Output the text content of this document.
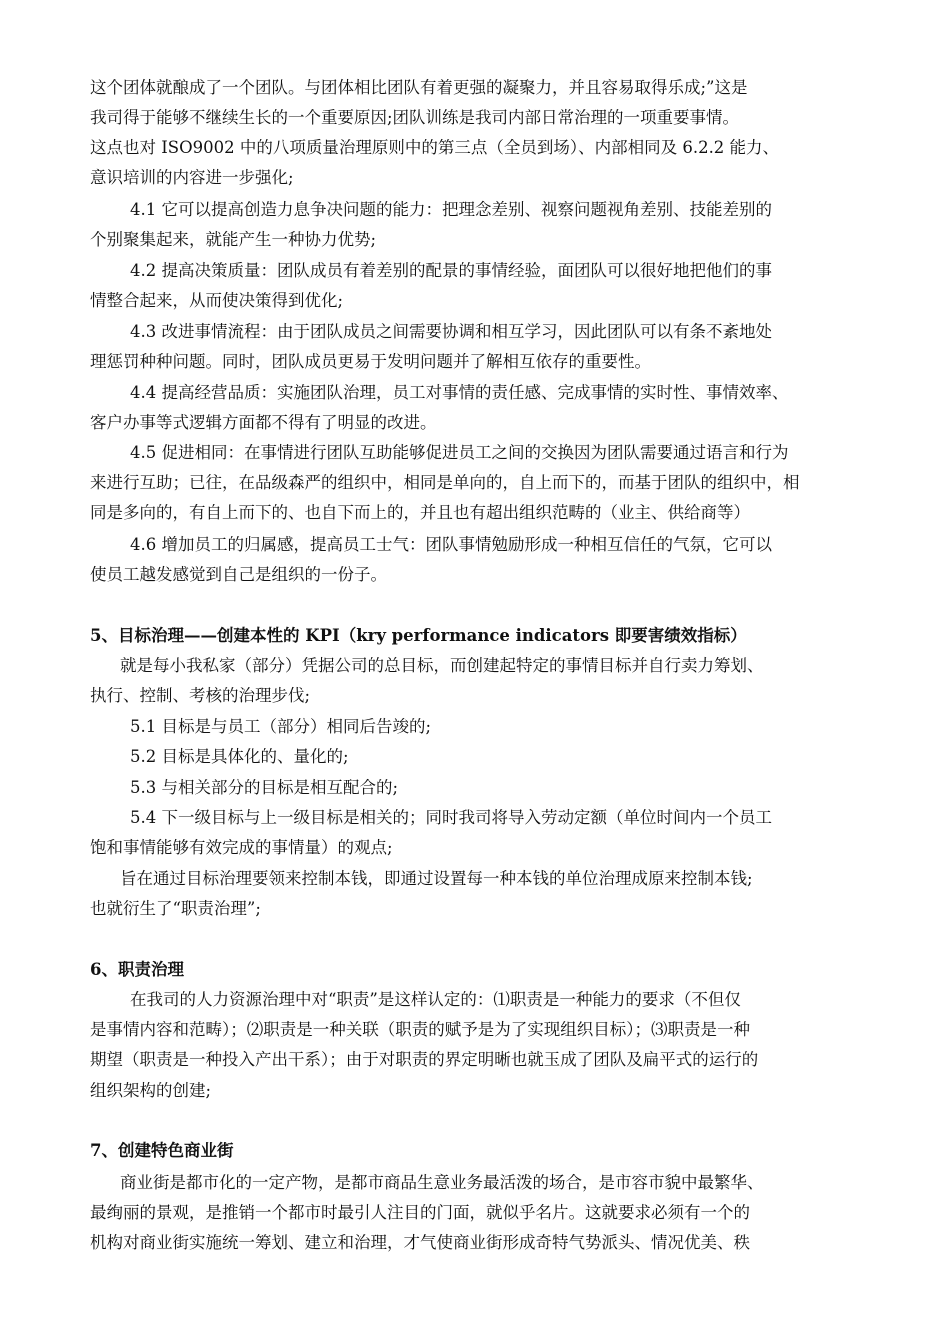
这个团体就酿成了一个团队。与团体相比团队有着更强的凝聚力，并且容易取得乐成;”这是
我司得于能够不继续生长的一个重要原因;团队训练是我司内部日常治理的一项重要事情。
这点也对 ISO9002 中的八项质量治理原则中的第三点（全员到场）、内部相同及 6.2.2 能力、
意识培训的内容进一步强化;
4.1 它可以提高创造力息争决问题的能力：把理念差别、视察问题视角差别、技能差别的
个别聚集起来，就能产生一种协力优势;
4.2 提高决策质量：团队成员有着差别的配景的事情经验，面团队可以很好地把他们的事
情整合起来，从而使决策得到优化;
4.3 改进事情流程：由于团队成员之间需要协调和相互学习，因此团队可以有条不紊地处
理惩罚种种问题。同时，团队成员更易于发明问题并了解相互依存的重要性。
4.4 提高经营品质：实施团队治理，员工对事情的责任感、完成事情的实时性、事情效率、
客户办事等式逻辑方面都不得有了明显的改进。
4.5 促进相同：在事情进行团队互助能够促进员工之间的交换因为团队需要通过语言和行为
来进行互助；已往，在品级森严的组织中，相同是单向的，自上而下的，而基于团队的组织中，相
同是多向的，有自上而下的、也自下而上的，并且也有超出组织范畴的（业主、供给商等）
4.6 增加员工的归属感，提高员工士气：团队事情勉励形成一种相互信任的气氛，它可以
使员工越发感觉到自己是组织的一份子。
5、目标治理——创建本性的 KPI（kry performance indicators 即要害绩效指标）
就是每小我私家（部分）凭据公司的总目标，而创建起特定的事情目标并自行卖力筹划、
执行、控制、考核的治理步伐;
5.1 目标是与员工（部分）相同后告竣的;
5.2 目标是具体化的、量化的;
5.3 与相关部分的目标是相互配合的;
5.4 下一级目标与上一级目标是相关的；同时我司将导入劳动定额（单位时间内一个员工
饱和事情能够有效完成的事情量）的观点;
旨在通过目标治理要领来控制本钱，即通过设置每一种本钱的单位治理成原来控制本钱;
也就衍生了“职责治理”;
6、职责治理
在我司的人力资源治理中对“职责”是这样认定的：⑴职责是一种能力的要求（不但仅
是事情内容和范畴）；⑵职责是一种关联（职责的赋予是为了实现组织目标）；⑶职责是一种
期望（职责是一种投入产出干系）；由于对职责的界定明晰也就玉成了团队及扁平式的运行的
组织架构的创建;
7、创建特色商业街
商业街是都市化的一定产物，是都市商品生意业务最活泼的场合，是市容市貌中最繁华、
最绚丽的景观，是推销一个都市时最引人注目的门面，就似乎名片。这就要求必须有一个的
机构对商业街实施统一筹划、建立和治理，才气使商业街形成奇特气势派头、情况优美、秩
